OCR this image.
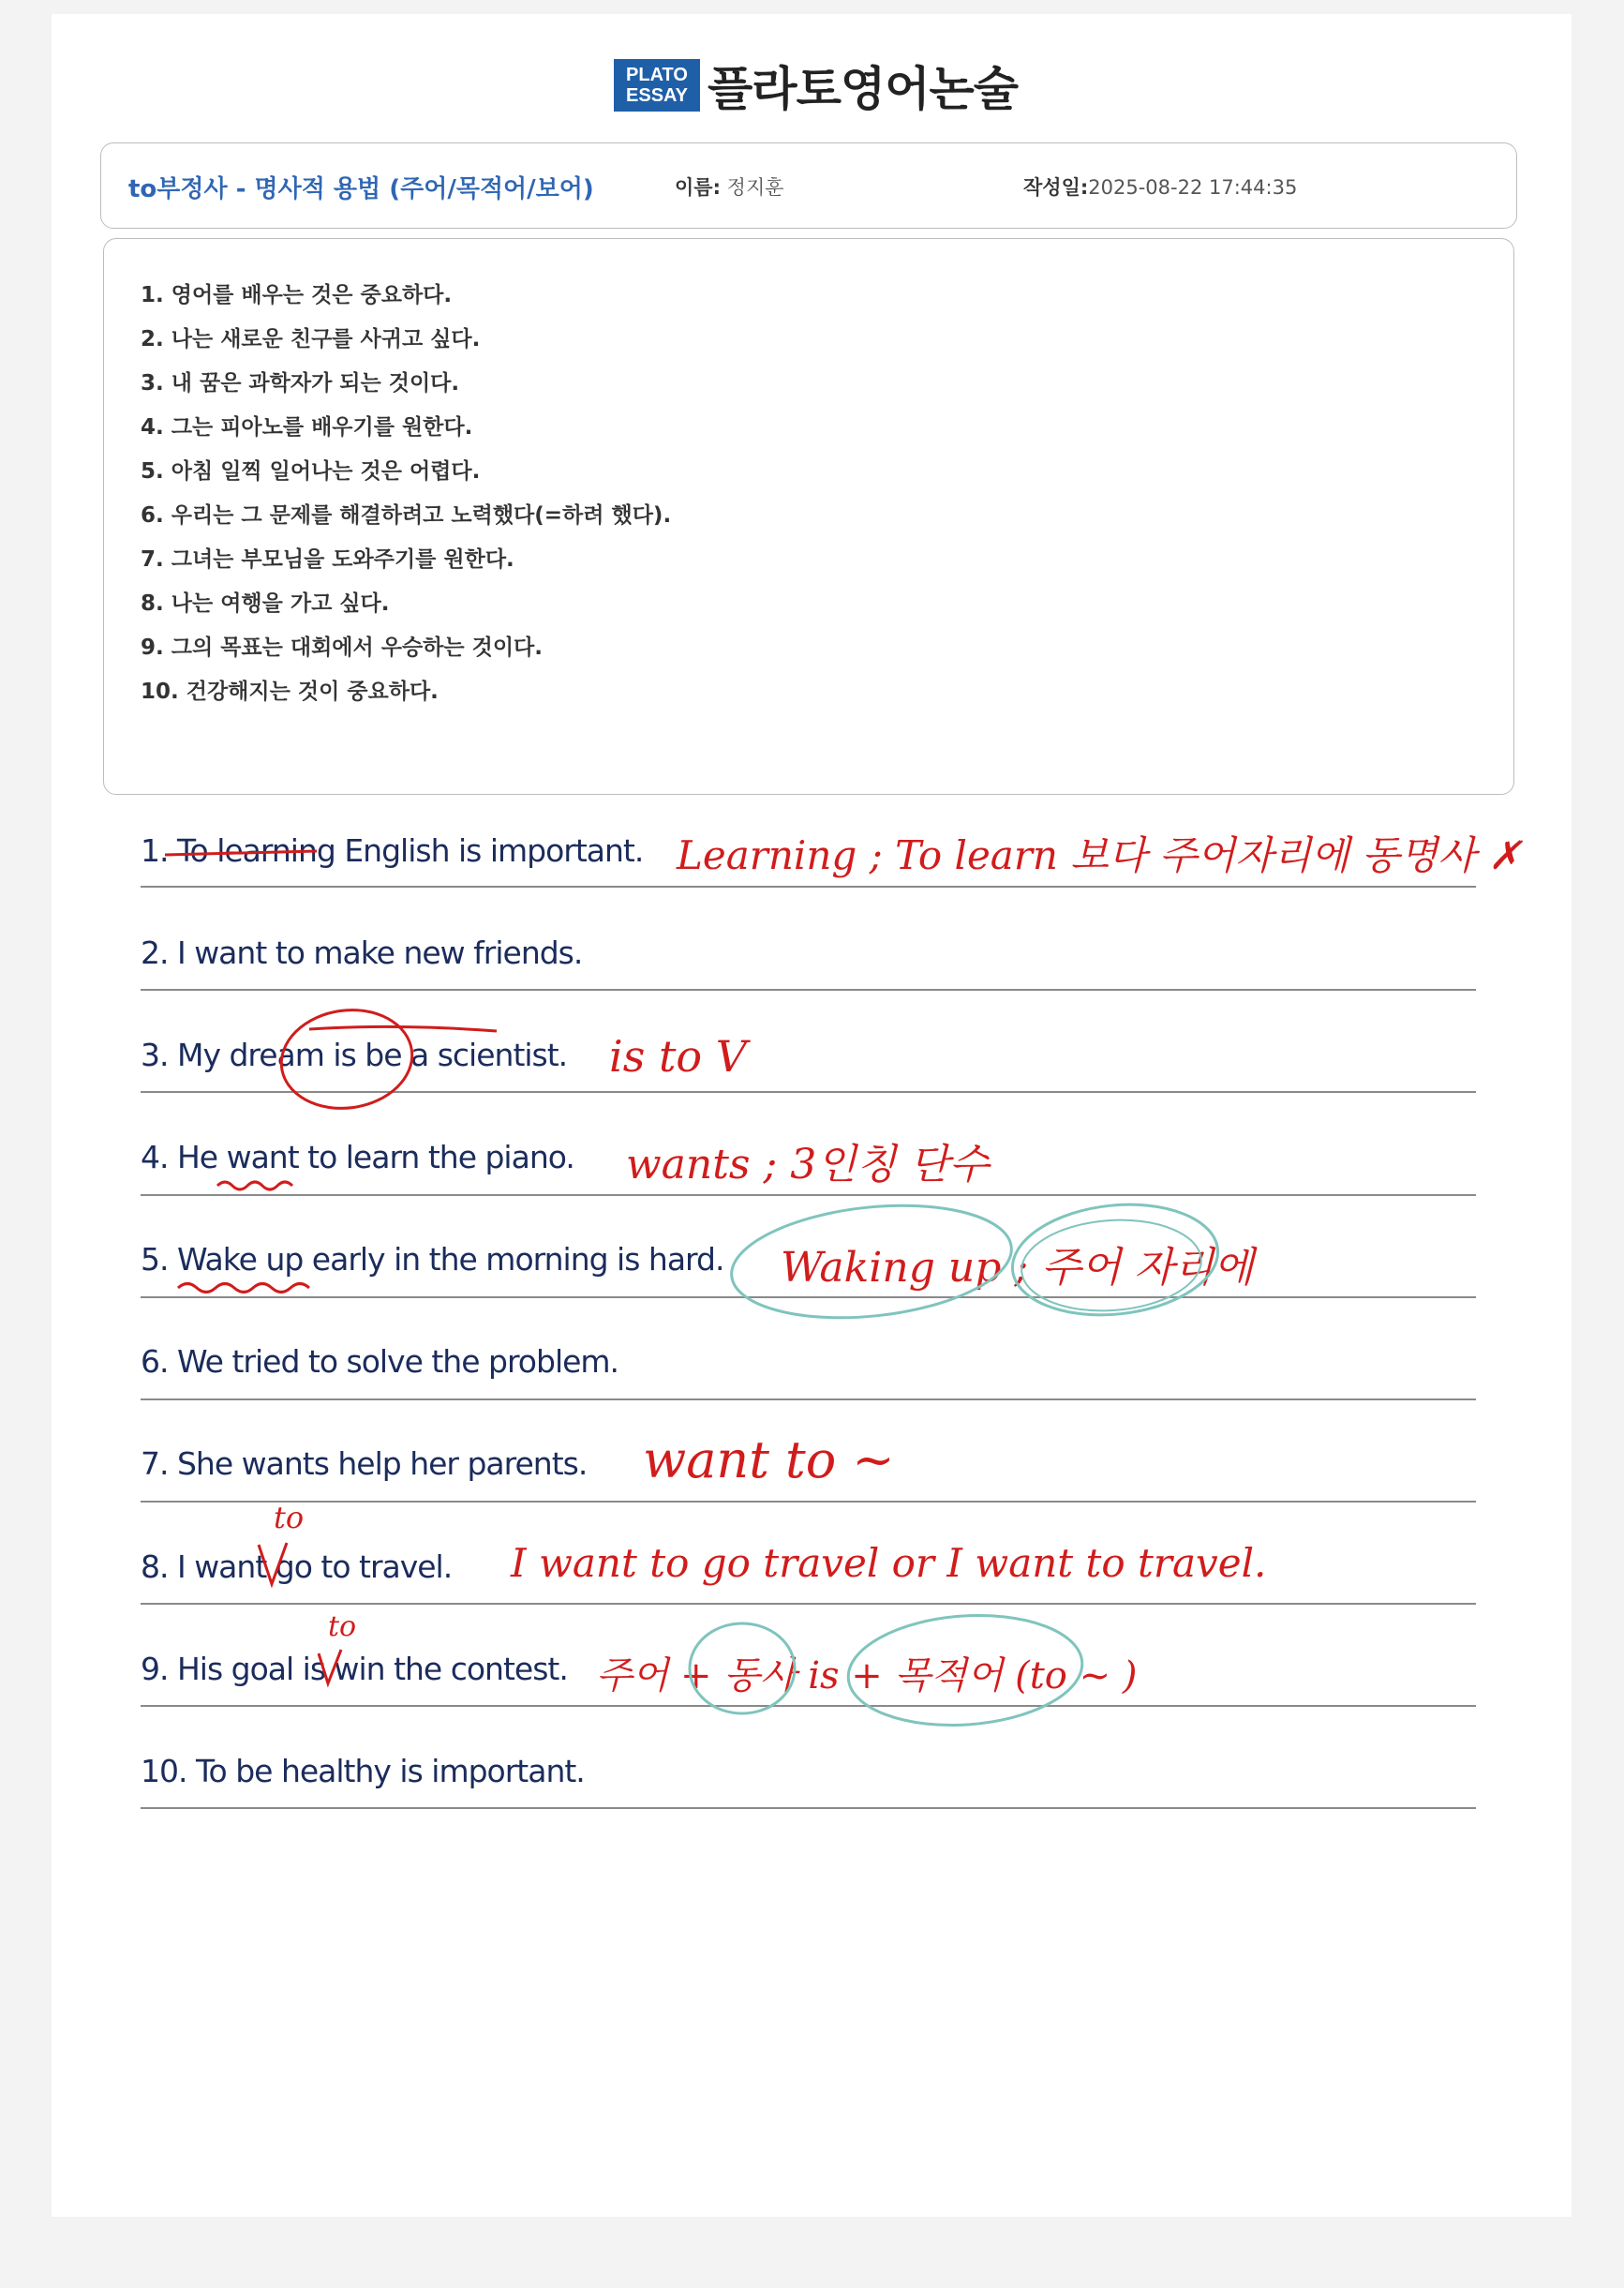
PLATO
ESSAY 플라토영어논술
to부정사 - 명사적 용법 (주어/목적어/보어)	이름: 정지훈	작성일:2025-08-22 17:44:35
1. 영어를 배우는 것은 중요하다.
2. 나는 새로운 친구를 사귀고 싶다.
3. 내 꿈은 과학자가 되는 것이다.
4. 그는 피아노를 배우기를 원한다.
5. 아침 일찍 일어나는 것은 어렵다.
6. 우리는 그 문제를 해결하려고 노력했다(=하려 했다).
7. 그녀는 부모님을 도와주기를 원한다.
8. 나는 여행을 가고 싶다.
9. 그의 목표는 대회에서 우승하는 것이다.
10. 건강해지는 것이 중요하다.
1. To learning English is important.
2. I want to make new friends.
3. My dream is be a scientist.
4. He want to learn the piano.
5. Wake up early in the morning is hard.
6. We tried to solve the problem.
7. She wants help her parents.
8. I want go to travel.
9. His goal is win the contest.
10. To be healthy is important.
Learning ; To learn 보다 주어자리에 동명사 ✗
is to V
wants ; 3인칭 단수
Waking up ; 주어 자리에
want to ~
to
I want to go travel or I want to travel.
to
주어 + 동사 is + 목적어 (to ~ )
